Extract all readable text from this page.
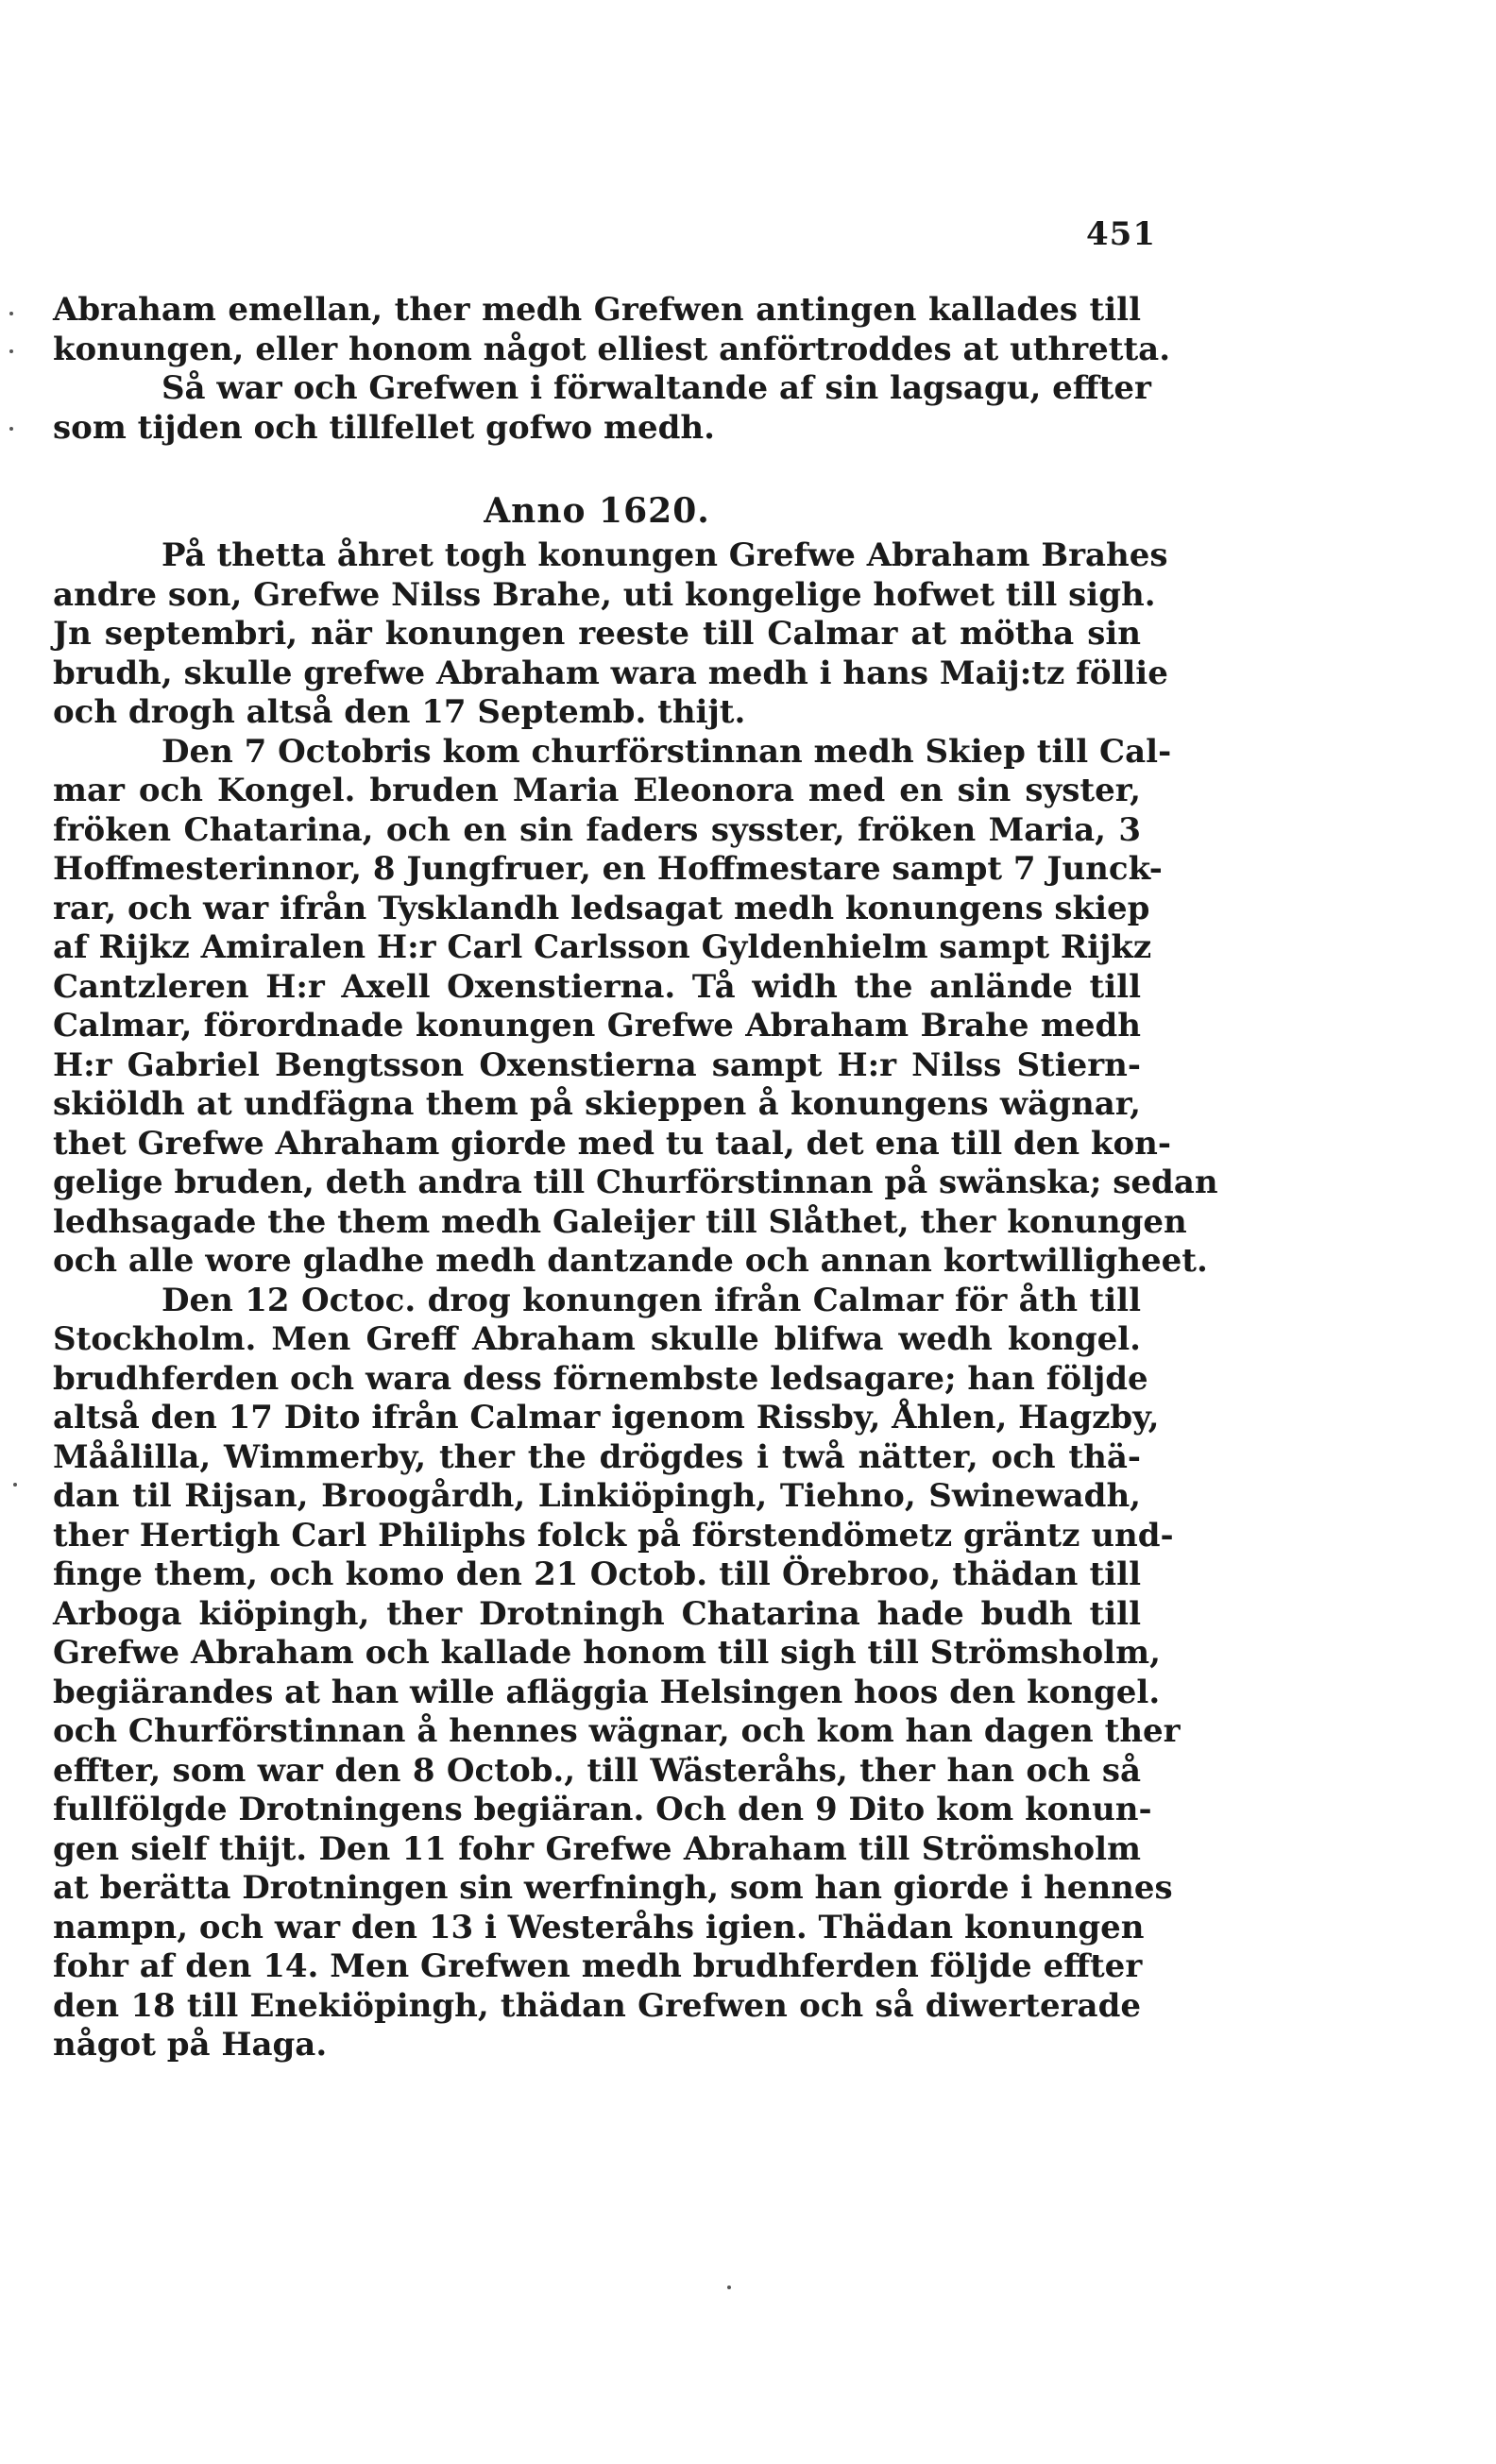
451
Abraham emellan, ther medh Grefwen antingen kallades till
konungen, eller honom något elliest anförtroddes at uthretta.
Så war och Grefwen i förwaltande af sin lagsagu, effter
som tijden och tillfellet gofwo medh.
Anno 1620.
På thetta åhret togh konungen Grefwe Abraham Brahes
andre son, Grefwe Nilss Brahe, uti kongelige hofwet till sigh.
Jn septembri, när konungen reeste till Calmar at mötha sin
brudh, skulle grefwe Abraham wara medh i hans Maij:tz föllie
och drogh altså den 17 Septemb. thijt.
Den 7 Octobris kom churförstinnan medh Skiep till Cal-
mar och Kongel. bruden Maria Eleonora med en sin syster,
fröken Chatarina, och en sin faders sysster, fröken Maria, 3
Hoffmesterinnor, 8 Jungfruer, en Hoffmestare sampt 7 Junck-
rar, och war ifrån Tysklandh ledsagat medh konungens skiep
af Rijkz Amiralen H:r Carl Carlsson Gyldenhielm sampt Rijkz
Cantzleren H:r Axell Oxenstierna. Tå widh the anlände till
Calmar, förordnade konungen Grefwe Abraham Brahe medh
H:r Gabriel Bengtsson Oxenstierna sampt H:r Nilss Stiern-
skiöldh at undfägna them på skieppen å konungens wägnar,
thet Grefwe Ahraham giorde med tu taal, det ena till den kon-
gelige bruden, deth andra till Churförstinnan på swänska; sedan
ledhsagade the them medh Galeijer till Slåthet, ther konungen
och alle wore gladhe medh dantzande och annan kortwilligheet.
Den 12 Octoc. drog konungen ifrån Calmar för åth till
Stockholm. Men Greff Abraham skulle blifwa wedh kongel.
brudhferden och wara dess förnembste ledsagare; han följde
altså den 17 Dito ifrån Calmar igenom Rissby, Åhlen, Hagzby,
Måålilla, Wimmerby, ther the drögdes i twå nätter, och thä-
dan til Rijsan, Broogårdh, Linkiöpingh, Tiehno, Swinewadh,
ther Hertigh Carl Philiphs folck på förstendömetz gräntz und-
finge them, och komo den 21 Octob. till Örebroo, thädan till
Arboga kiöpingh, ther Drotningh Chatarina hade budh till
Grefwe Abraham och kallade honom till sigh till Strömsholm,
begiärandes at han wille afläggia Helsingen hoos den kongel.
och Churförstinnan å hennes wägnar, och kom han dagen ther
effter, som war den 8 Octob., till Wästeråhs, ther han och så
fullfölgde Drotningens begiäran. Och den 9 Dito kom konun-
gen sielf thijt. Den 11 fohr Grefwe Abraham till Strömsholm
at berätta Drotningen sin werfningh, som han giorde i hennes
nampn, och war den 13 i Westeråhs igien. Thädan konungen
fohr af den 14. Men Grefwen medh brudhferden följde effter
den 18 till Enekiöpingh, thädan Grefwen och så diwerterade
något på Haga.
